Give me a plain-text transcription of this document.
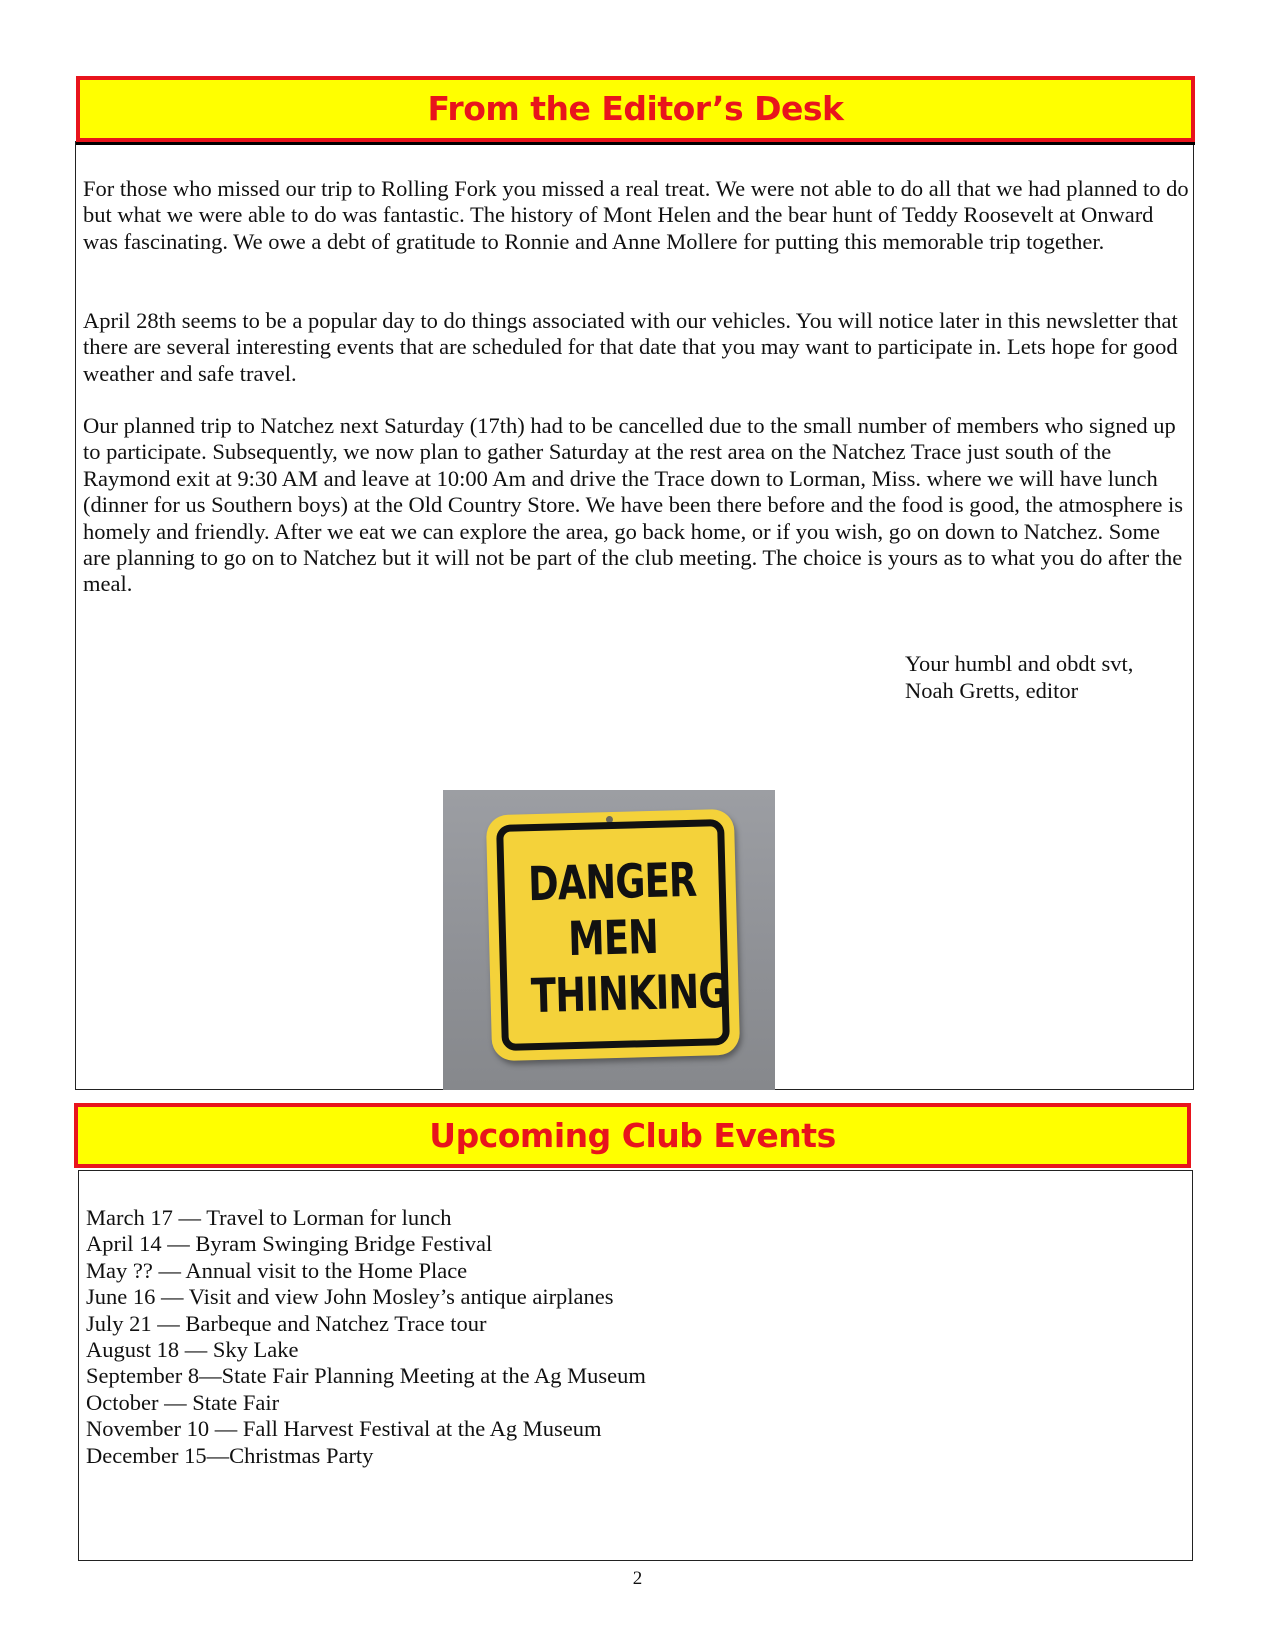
From the Editor’s Desk

For those who missed our trip to Rolling Fork you missed a real treat. We were not able to do all that we had planned to do but what we were able to do was fantastic. The history of Mont Helen and the bear hunt of Teddy Roosevelt at Onward was fascinating. We owe a debt of gratitude to Ronnie and Anne Mollere for putting this memorable trip together.

April 28th seems to be a popular day to do things associated with our vehicles. You will notice later in this newsletter that there are several interesting events that are scheduled for that date that you may want to participate in. Lets hope for good weather and safe travel.

Our planned trip to Natchez next Saturday (17th) had to be cancelled due to the small number of members who signed up to participate. Subsequently, we now plan to gather Saturday at the rest area on the Natchez Trace just south of the Raymond exit at 9:30 AM and leave at 10:00 Am and drive the Trace down to Lorman, Miss. where we will have lunch (dinner for us Southern boys) at the Old Country Store. We have been there before and the food is good, the atmosphere is homely and friendly. After we eat we can explore the area, go back home, or if you wish, go on down to Natchez. Some are planning to go on to Natchez but it will not be part of the club meeting. The choice is yours as to what you do after the meal.

Your humbl and obdt svt,
Noah Gretts, editor
DANGER
MEN
THINKING
Upcoming Club Events
March 17 — Travel to Lorman for lunch
April 14 — Byram Swinging Bridge Festival
May ?? — Annual visit to the Home Place
June 16 — Visit and view John Mosley’s antique airplanes
July 21 — Barbeque and Natchez Trace tour
August 18 — Sky Lake
September 8—State Fair Planning Meeting at the Ag Museum
October — State Fair
November 10 — Fall Harvest Festival at the Ag Museum
December 15—Christmas Party
2
